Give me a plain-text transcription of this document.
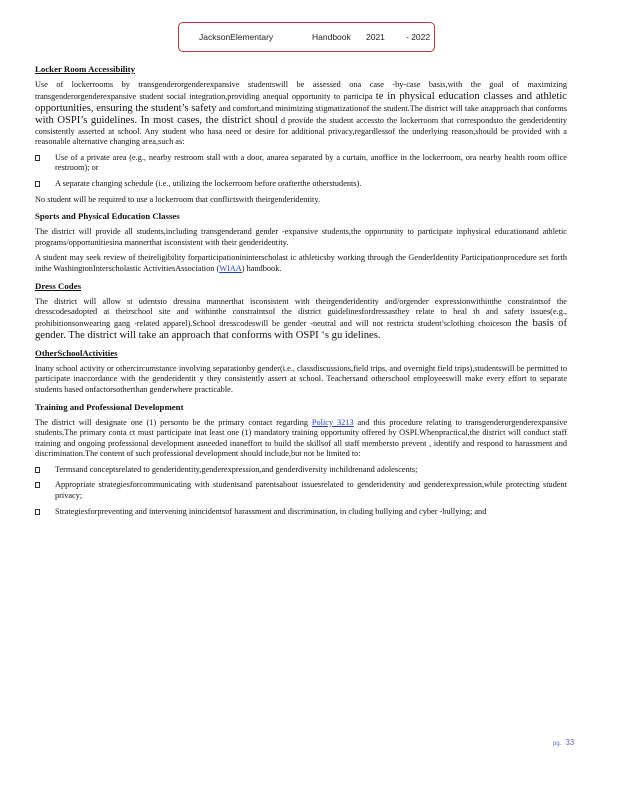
JacksonElementary	Handbook	2021	- 2022
Locker Room Accessibility

Use of lockerrooms by transgenderorgenderexpansive studentswill be assessed ona case -by-case basis,with the goal of maximizing transgenderorgenderexpansive student social integration,providing anequal opportunity to participa te in physical education classes and athletic opportunities, ensuring the student’s safety and comfort,and minimizing stigmatizationof the student.The district will take anapproach that conforms with OSPI’s guidelines. In most cases, the district shoul d provide the student accessto the lockerroom that correspondsto the genderidentity consistently asserted at school. Any student who hasa need or desire for additional privacy,regardlessof the underlying reason,should be provided with a reasonable alternative changing area,such as:

Use of a private area (e.g., nearby restroom stall with a door, anarea separated by a curtain, anoffice in the lockerroom, ora nearby health room office restroom); or
A separate changing schedule (i.e., utilizing the lockerroom before orafterthe otherstudents).

No student will be required to use a lockerroom that conflictswith theirgenderidentity.

Sports and Physical Education Classes

The district will provide all students,including transgenderand gender -expansive students,the opportunity to participate inphysical educationand athletic programs/opportunitiesina mannerthat isconsistent with their genderidentity.

A student may seek review of theireligibility forparticipationininterscholast ic athleticsby working through the GenderIdentity Participationprocedure set forth inthe WashingtonInterscholastic ActivitiesAssociation (WIAA) handbook.

Dress Codes

The district will allow st udentsto dressina mannerthat isconsistent with theirgenderidentity and/orgender expressionwithinthe constraintsof the dresscodesadopted at theirschool site and withinthe constraintsof the district guidelinesfordressasthey relate to heal th and safety issues(e.g., prohibitionsonwearing gang -related apparel).School dresscodeswill be gender -neutral and will not restricta student’sclothing choiceson the basis of gender. The district will take an approach that conforms with OSPI ‘s gu idelines.

OtherSchoolActivities

Inany school activity or othercircumstance involving separationby gender(i.e., classdiscussions,field trips, and overnight field trips),studentswill be permitted to participate inaccordance with the genderidentit y they consistently assert at school. Teachersand otherschool employeeswill make every effort to separate students based onfactorsotherthan genderwhere practicable.

Training and Professional Development

The district will designate one (1) personto be the primary contact regarding Policy 3213 and this procedure relating to transgenderorgenderexpansive students.The primary conta ct must participate inat least one (1) mandatory training opportunity offered by OSPI.Whenpractical,the district will conduct staff training and ongoing professional development asneeded inaneffort to build the skillsof all staff membersto prevent , identify and respond to harassment and discrimination.The content of such professional development should include,but not be limited to:

Termsand conceptsrelated to genderidentity,genderexpression,and genderdiversity inchildrenand adolescents;
Appropriate strategiesforcommunicating with studentsand parentsabout issuesrelated to genderidentity and genderexpression,while protecting student privacy;
Strategiesforpreventing and intervening inincidentsof harassment and discrimination, in cluding bullying and cyber -bullying; and
pg. 33
